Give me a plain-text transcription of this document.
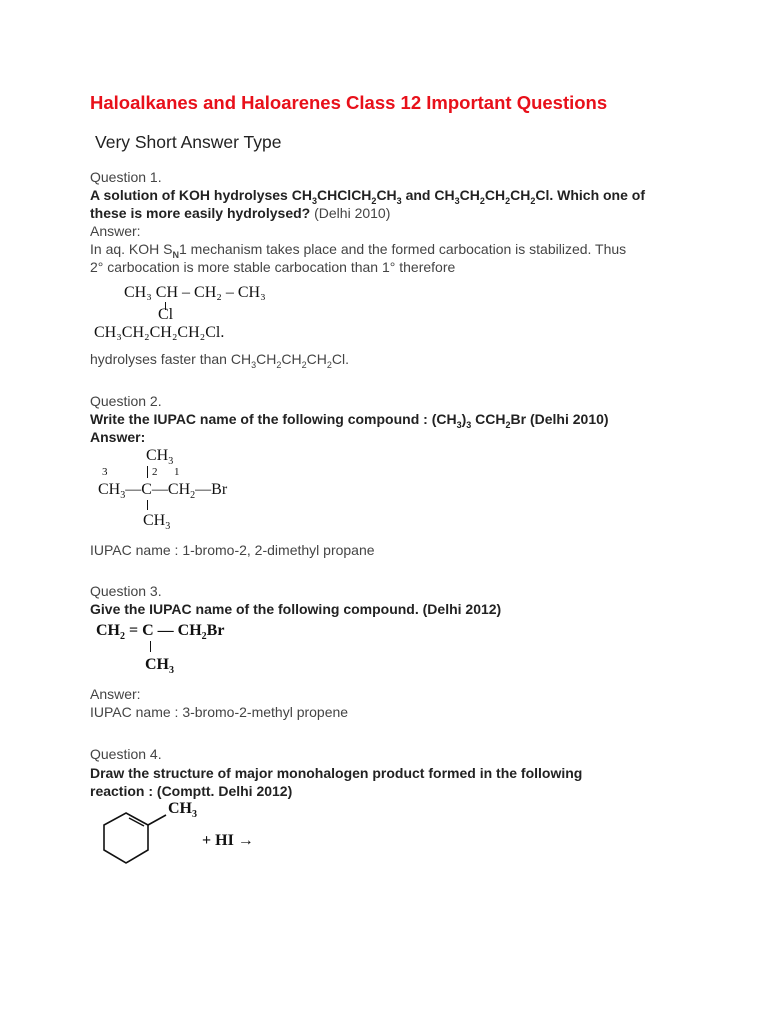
Haloalkanes and Haloarenes Class 12 Important Questions
Very Short Answer Type
Question 1.
A solution of KOH hydrolyses $CH_3CHClCH_2CH_3$ and $CH_3CH_2CH_2CH_2Cl$. Which one of
these is more easily hydrolysed? (Delhi 2010)
Answer:
In aq. KOH $S_N1$ mechanism takes place and the formed carbocation is stabilized. Thus
2° carbocation is more stable carbocation than 1° therefore
CH₃ CH – CH₂ – CH₃
Cl
CH₃CH₂CH₂CH₂Cl.
hydrolyses faster than $CH_3CH_2CH_2CH_2Cl$.
Question 2.
Write the IUPAC name of the following compound : $(CH_3)_3$ $CCH_2Br$ (Delhi 2010)
Answer:
$CH_3$
3	2 1
$CH_3—C—CH_2—Br$
$CH_3$
IUPAC name : 1-bromo-2, 2-dimethyl propane
Question 3.
Give the IUPAC name of the following compound. (Delhi 2012)
$CH_2 = C$ — $CH_2Br$
$CH_3$
Answer:
IUPAC name : 3-bromo-2-methyl propene
Question 4.
Draw the structure of major monohalogen product formed in the following
reaction : (Comptt. Delhi 2012)
$CH_3$
+ HI →
